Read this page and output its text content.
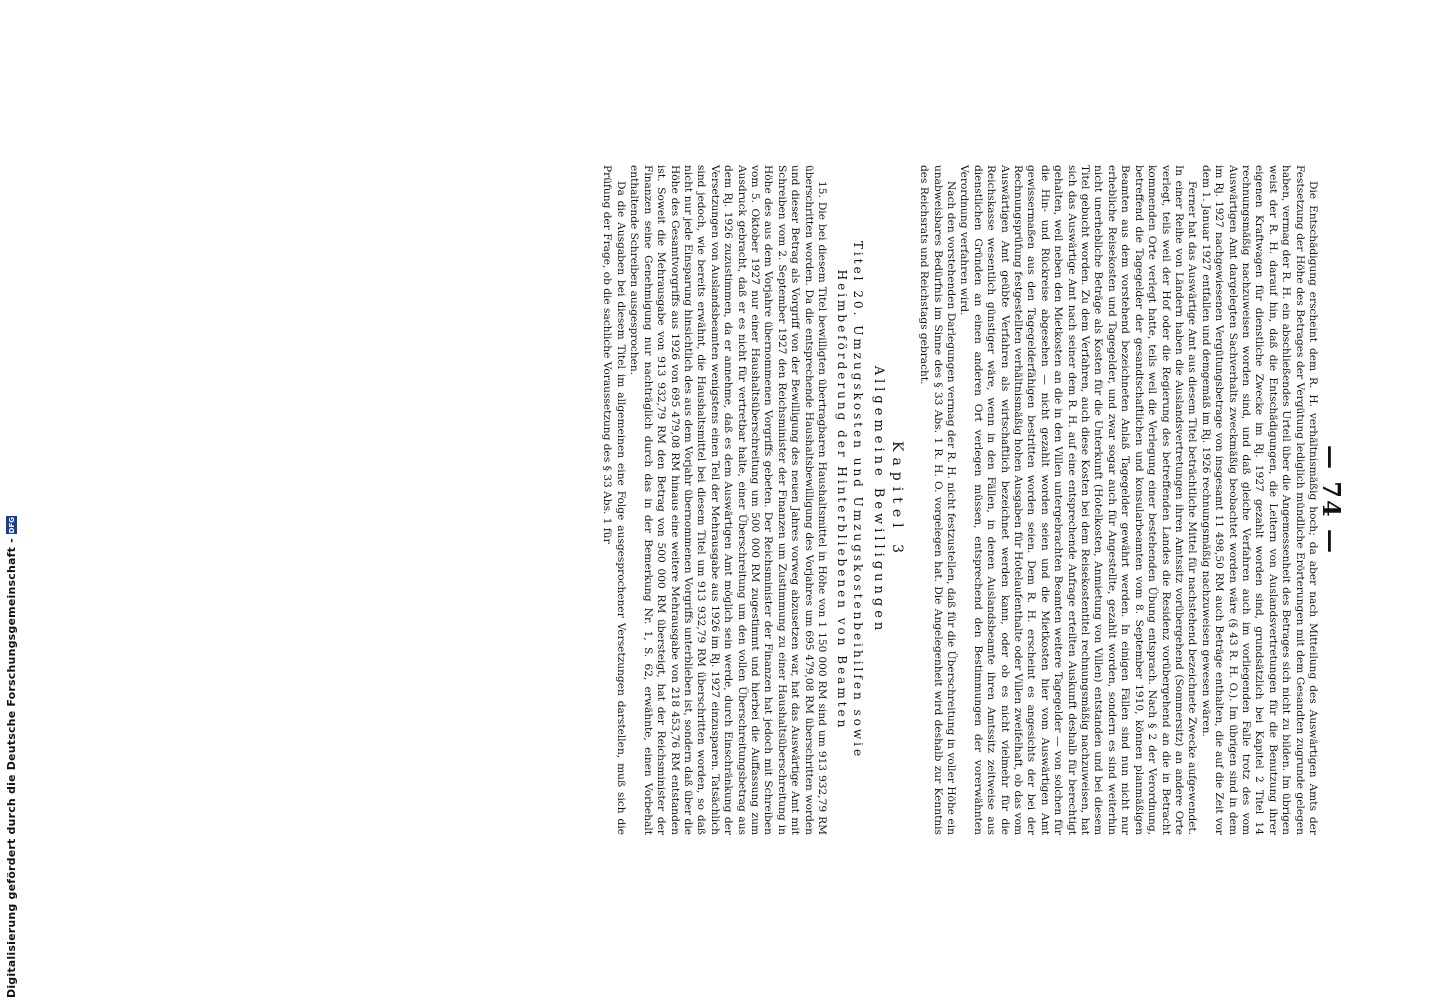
— 74 —

Die Entschädigung erscheint dem R. H. verhältnismäßig hoch; da aber nach Mitteilung des Auswärtigen Amts der Festsetzung der Höhe des Betrages der Vergütung lediglich mündliche Erörterungen mit dem Gesandten zugrunde gelegen haben, vermag der R. H. ein abschließendes Urteil über die Angemessenheit des Betrages sich nicht zu bilden. Im übrigen weist der R. H. darauf hin, daß die Entschädigungen, die Leitern von Auslandsvertretungen für die Benutzung ihrer eigenen Kraftwagen für dienstliche Zwecke im Rj. 1927 gezahlt worden sind, grundsätzlich bei Kapitel 2 Titel 14 rechnungsmäßig nachzuweisen worden sind, und daß gleiche Verfahren auch im vorliegenden Falle trotz des vom Auswärtigen Amt dargelegten Sachverhalts zweckmäßig beobachtet worden wäre (§ 43 R. H. O.). Im übrigen sind in dem im Rj. 1927 nachgewiesenen Vergütungsbetrage von insgesamt 11 498,50 RM auch Beträge enthalten, die auf die Zeit vor dem 1. Januar 1927 entfallen und demgemäß im Rj. 1926 rechnungsmäßig nachzuweisen gewesen wären.

Ferner hat das Auswärtige Amt aus diesem Titel beträchtliche Mittel für nachstehend bezeichnete Zwecke aufgewendet. In einer Reihe von Ländern haben die Auslandsvertretungen ihren Amtssitz vorübergehend (Sommersitz) an andere Orte verlegt, teils weil der Hof oder die Regierung des betreffenden Landes die Residenz vorübergehend an die in Betracht kommenden Orte verlegt hatte, teils weil die Verlegung einer bestehenden Übung entsprach. Nach § 2 der Verordnung, betreffend die Tagegelder der gesandtschaftlichen und konsularbeamten vom 8. September 1910, können planmäßigen Beamten aus dem vorstehend bezeichneten Anlaß Tagegelder gewährt werden. In einigen Fällen sind nun nicht nur erhebliche Reisekosten und Tagegelder, und zwar sogar auch für Angestellte, gezahlt worden, sondern es sind weiterhin nicht unerhebliche Beträge als Kosten für die Unterkunft (Hotelkosten, Anmietung von Villen) entstanden und bei diesem Titel gebucht worden. Zu dem Verfahren, auch diese Kosten bei dem Reisekostentitel rechnungsmäßig nachzuweisen, hat sich das Auswärtige Amt nach seiner dem R. H. auf eine entsprechende Anfrage erteilten Auskunft deshalb für berechtigt gehalten, weil neben den Mietkosten an die in den Villen untergebrachten Beamten weitere Tagegelder — von solchen für die Hin- und Rückreise abgesehen — nicht gezahlt worden seien und die Mietkosten hier vom Auswärtigen Amt gewissermaßen aus den Tagegelderfähigen bestritten worden seien. Dem R. H. erscheint es angesichts der bei der Rechnungsprüfung festgestellten verhältnismäßig hohen Ausgaben für Hotelaufenthalte oder Villen zweifelhaft, ob das vom Auswärtigen Amt geübte Verfahren als wirtschaftlich bezeichnet werden kann, oder ob es nicht vielmehr für die Reichskasse wesentlich günstiger wäre, wenn in den Fällen, in denen Auslandsbeamte ihren Amtssitz zeitweise aus dienstlichen Gründen an einen anderen Ort verlegen müssen, entsprechend den Bestimmungen der vorerwähnten Verordnung verfahren wird.

Nach den vorstehenden Darlegungen vermag der R. H. nicht festzustellen, daß für die Überschreitung in voller Höhe ein unabweisbares Bedürfnis im Sinne des § 33 Abs. 1 R. H. O. vorgelegen hat. Die Angelegenheit wird deshalb zur Kenntnis des Reichsrats und Reichstags gebracht.

Kapitel 3
Allgemeine Bewilligungen
Titel 20. Umzugskosten und Umzugskostenbeihilfen sowie Heimbeförderung der Hinterbliebenen von Beamten

15. Die bei diesem Titel bewilligten übertragbaren Haushaltsmittel in Höhe von 1 150 000 RM sind um 913 932,79 RM überschritten worden. Da die entsprechende Haushaltsbewilligung des Vorjahres um 695 479,08 RM überschritten worden und dieser Betrag als Vorgriff von der Bewilligung des neuen Jahres vorweg abzusetzen war, hat das Auswärtige Amt mit Schreiben vom 2. September 1927 den Reichsminister der Finanzen um Zustimmung zu einer Haushaltsüberschreitung in Höhe des aus dem Vorjahre übernommenen Vorgriffs gebeten. Der Reichsminister der Finanzen hat jedoch mit Schreiben vom 5. Oktober 1927 nur einer Haushaltsüberschreitung um 500 000 RM zugestimmt und hierbei die Auffassung zum Ausdruck gebracht, daß er es nicht für vertretbar halte, einer Überschreitung um den vollen Überschreitungsbetrag aus dem Rj. 1926 zuzustimmen, da er annehme, daß es dem Auswärtigen Amt möglich sein werde, durch Einschränkung der Versetzungen von Auslandsbeamten wenigstens einen Teil der Mehrausgabe aus 1926 im Rj. 1927 einzusparen. Tatsächlich sind jedoch, wie bereits erwähnt, die Haushaltsmittel bei diesem Titel um 913 932,79 RM überschritten worden, so daß nicht nur jede Einsparung hinsichtlich des aus dem Vorjahr übernommenen Vorgriffs unterblieben ist, sondern daß über die Höhe des Gesamtvorgriffs aus 1926 von 695 479,08 RM hinaus eine weitere Mehrausgabe von 218 453,76 RM entstanden ist. Soweit die Mehrausgabe von 913 932,79 RM den Betrag von 500 000 RM übersteigt, hat der Reichsminister der Finanzen seine Genehmigung nur nachträglich durch das in der Bemerkung Nr. 1, S. 62, erwähnte, einen Vorbehalt enthaltende Schreiben ausgesprochen.

Da die Ausgaben bei diesem Titel im allgemeinen eine Folge ausgesprochener Versetzungen darstellen, muß sich die Prüfung der Frage, ob die sachliche Voraussetzung des § 33 Abs. 1 für

Digitalisierung gefördert durch die Deutsche Forschungsgemeinschaft -
DFG
